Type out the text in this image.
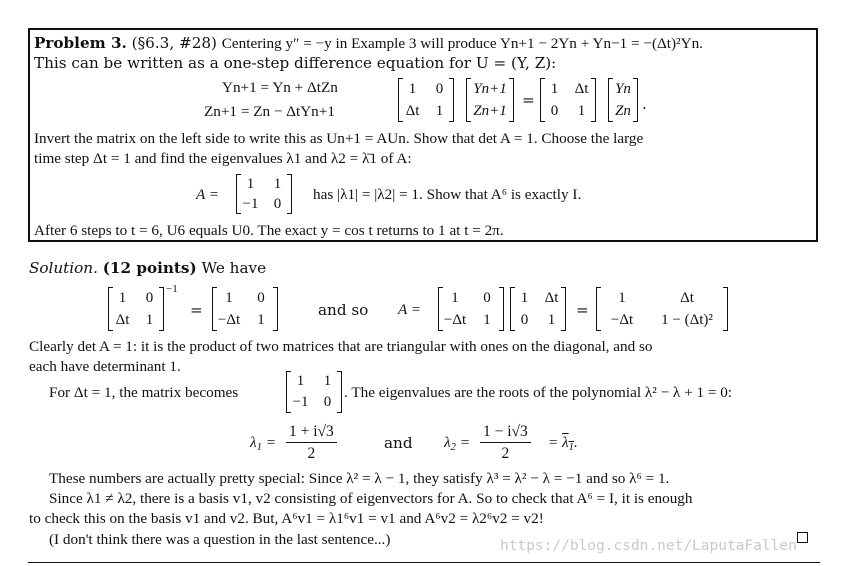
Problem 3. (§6.3, #28) Centering y″ = −y in Example 3 will produce Yn+1 − 2Yn + Yn−1 = −(Δt)²Yn.
This can be written as a one-step difference equation for U = (Y, Z):
Yn+1 = Yn + ΔtZn
Zn+1 = Zn − ΔtYn+1
1 0
Δt 1
Yn+1
Zn+1
=
1 Δt
0 1
Yn
Zn .
Invert the matrix on the left side to write this as Un+1 = AUn. Show that det A = 1. Choose the large
time step Δt = 1 and find the eigenvalues λ1 and λ2 = λ̄1 of A:
A =
1 1
−1 0
has |λ1| = |λ2| = 1. Show that A⁶ is exactly I.
After 6 steps to t = 6, U6 equals U0. The exact y = cos t returns to 1 at t = 2π.
Solution. (12 points) We have
1 0
Δt 1
−1
=
1 0
−Δt 1
and so A =
1 0
−Δt 1
1 Δt
0 1
=
1	Δt
−Δt 1 − (Δt)²
Clearly det A = 1: it is the product of two matrices that are triangular with ones on the diagonal, and so
each have determinant 1.
For Δt = 1, the matrix becomes
1 1
−1 0
. The eigenvalues are the roots of the polynomial λ² − λ + 1 = 0:
$\lambda_1 = \frac{1 + i√3}{2}$	and $\lambda_2 = \frac{1 - i√3}{2} = \lambda_1$.
These numbers are actually pretty special: Since λ² = λ − 1, they satisfy λ³ = λ² − λ = −1 and so λ⁶ = 1.
Since λ1 ≠ λ2, there is a basis v1, v2 consisting of eigenvectors for A. So to check that A⁶ = I, it is enough
to check this on the basis v1 and v2. But, A⁶v1 = λ1⁶v1 = v1 and A⁶v2 = λ2⁶v2 = v2!
(I don't think there was a question in the last sentence...)	https://blog.csdn.net/LaputaFallen
